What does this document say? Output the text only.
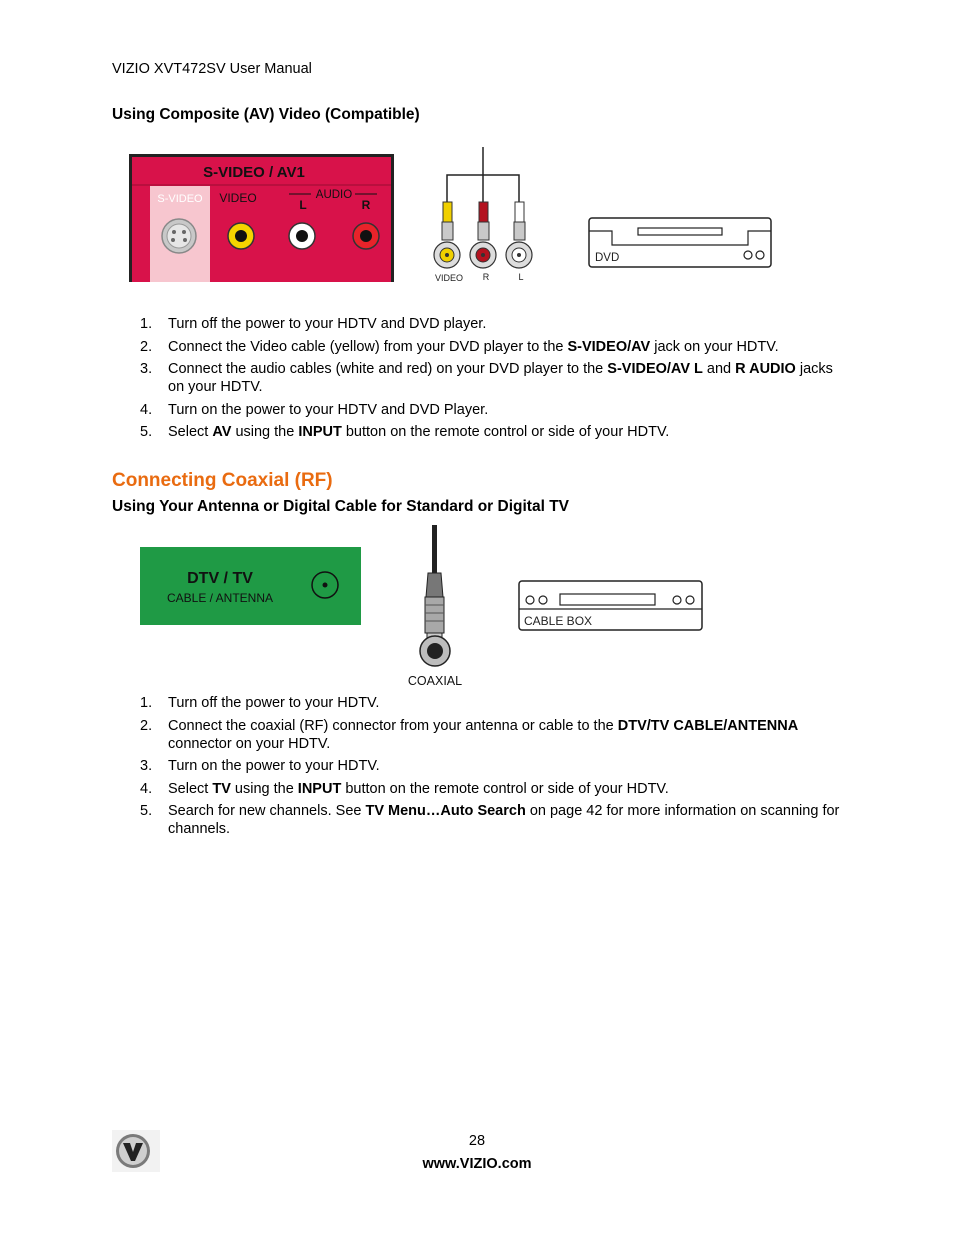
VIZIO XVT472SV User Manual
Using Composite (AV) Video (Compatible)
S-VIDEO / AV1
S-VIDEO VIDEO	AUDIO
L	R
VIDEO R	L
DVD
1. Turn off the power to your HDTV and DVD player.
2. Connect the Video cable (yellow) from your DVD player to the S-VIDEO/AV jack on your HDTV.
3. Connect the audio cables (white and red) on your DVD player to the S-VIDEO/AV L and R AUDIO jacks on your HDTV.
4. Turn on the power to your HDTV and DVD Player.
5. Select AV using the INPUT button on the remote control or side of your HDTV.
Connecting Coaxial (RF)
Using Your Antenna or Digital Cable for Standard or Digital TV
DTV / TV
CABLE / ANTENNA
COAXIAL
CABLE BOX
1. Turn off the power to your HDTV.
2. Connect the coaxial (RF) connector from your antenna or cable to the DTV/TV CABLE/ANTENNA connector on your HDTV.
3. Turn on the power to your HDTV.
4. Select TV using the INPUT button on the remote control or side of your HDTV.
5. Search for new channels. See TV Menu…Auto Search on page 42 for more information on scanning for channels.
28
www.VIZIO.com
